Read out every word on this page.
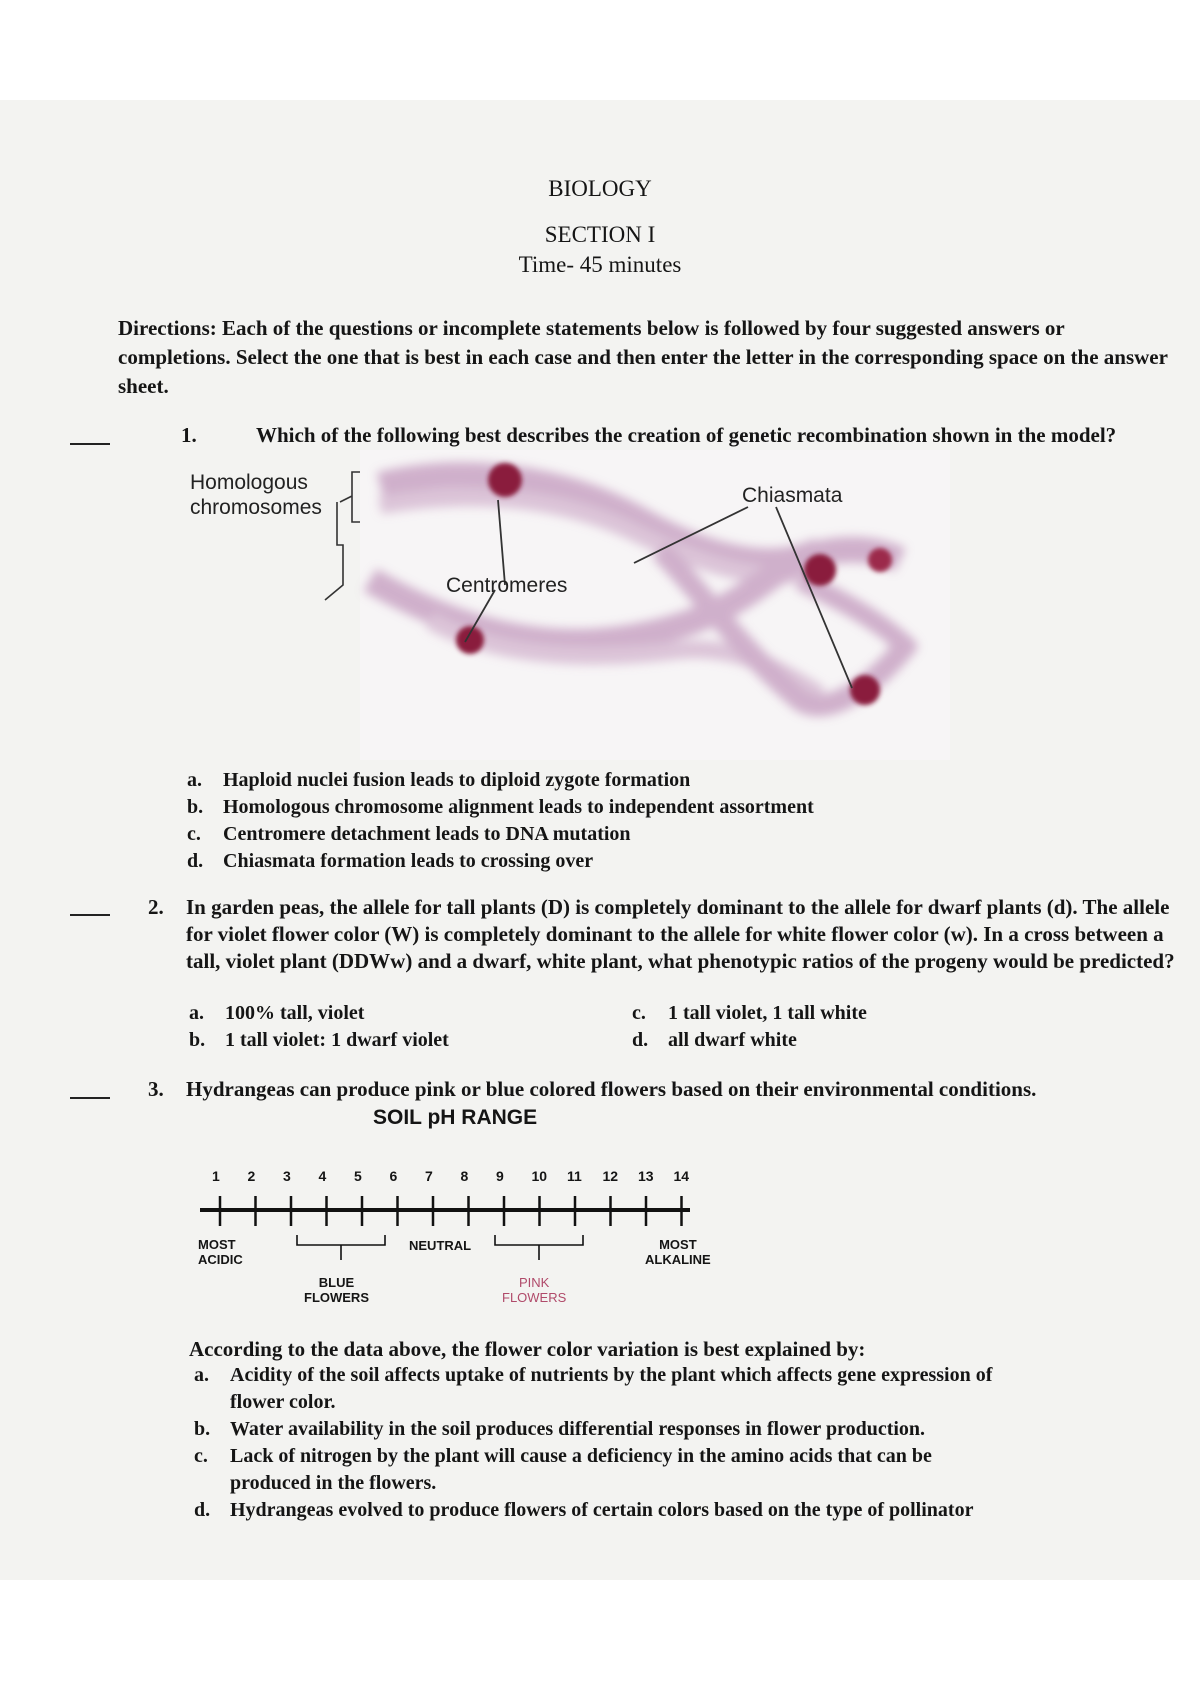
BIOLOGY
SECTION I
Time- 45 minutes
Directions: Each of the questions or incomplete statements below is followed by four suggested answers or completions. Select the one that is best in each case and then enter the letter in the corresponding space on the answer sheet.
1.	Which of the following best describes the creation of genetic recombination shown in the model?
Homologous
chromosomes
Chiasmata
Centromeres
a. Haploid nuclei fusion leads to diploid zygote formation
b. Homologous chromosome alignment leads to independent assortment
c. Centromere detachment leads to DNA mutation
d. Chiasmata formation leads to crossing over
2. In garden peas, the allele for tall plants (D) is completely dominant to the allele for dwarf plants (d). The allele for violet flower color (W) is completely dominant to the allele for white flower color (w). In a cross between a tall, violet plant (DDWw) and a dwarf, white plant, what phenotypic ratios of the progeny would be predicted?
a. 100% tall, violet
b. 1 tall violet: 1 dwarf violet
c. 1 tall violet, 1 tall white
d. all dwarf white
3. Hydrangeas can produce pink or blue colored flowers based on their environmental conditions.
SOIL pH RANGE
1 2 3 4 5 6 7 8 9 10 11 12 13 14
MOST
ACIDIC
NEUTRAL	MOST
ALKALINE
BLUE
FLOWERS
PINK
FLOWERS
According to the data above, the flower color variation is best explained by:
a. Acidity of the soil affects uptake of nutrients by the plant which affects gene expression of
flower color.
b. Water availability in the soil produces differential responses in flower production.
c. Lack of nitrogen by the plant will cause a deficiency in the amino acids that can be
produced in the flowers.
d. Hydrangeas evolved to produce flowers of certain colors based on the type of pollinator
